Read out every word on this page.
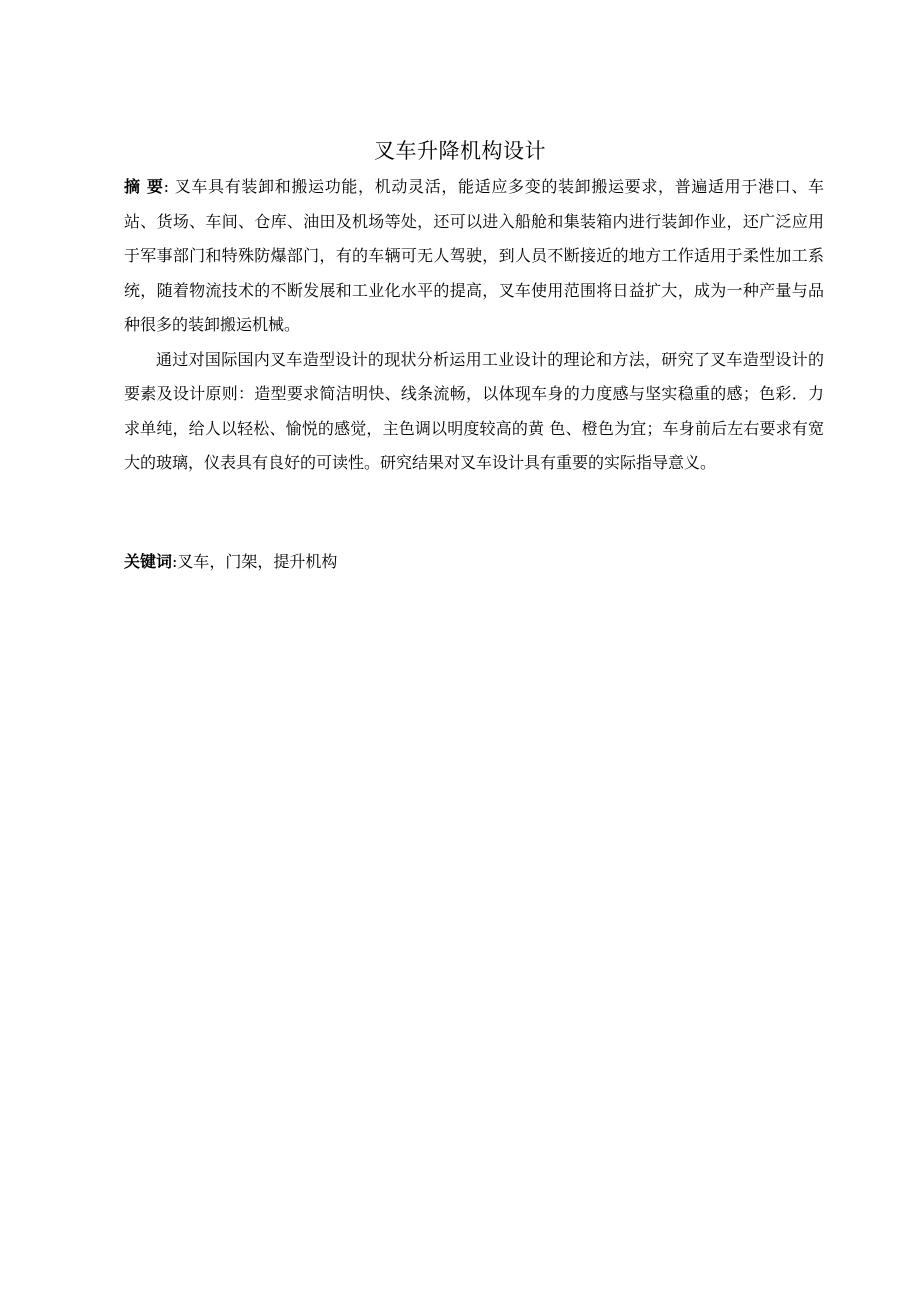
叉车升降机构设计

摘 要: 叉车具有装卸和搬运功能，机动灵活，能适应多变的装卸搬运要求，普遍适用于港口、车站、货场、车间、仓库、油田及机场等处，还可以进入船舱和集装箱内进行装卸作业，还广泛应用于军事部门和特殊防爆部门，有的车辆可无人驾驶，到人员不断接近的地方工作适用于柔性加工系统，随着物流技术的不断发展和工业化水平的提高，叉车使用范围将日益扩大，成为一种产量与品种很多的装卸搬运机械。

通过对国际国内叉车造型设计的现状分析运用工业设计的理论和方法，研究了叉车造型设计的要素及设计原则：造型要求简洁明快、线条流畅，以体现车身的力度感与坚实稳重的感；色彩．力求单纯，给人以轻松、愉悦的感觉，主色调以明度较高的黄 色、橙色为宜；车身前后左右要求有宽大的玻璃，仪表具有良好的可读性。研究结果对叉车设计具有重要的实际指导意义。

关键词:叉车，门架，提升机构
